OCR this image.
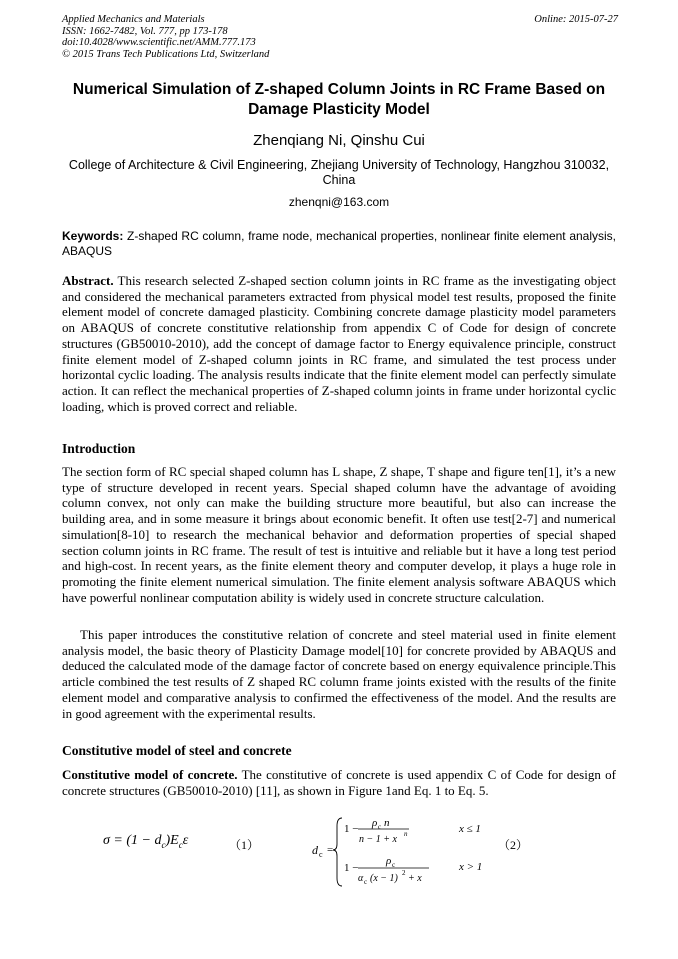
Applied Mechanics and Materials
ISSN: 1662-7482, Vol. 777, pp 173-178
doi:10.4028/www.scientific.net/AMM.777.173
© 2015 Trans Tech Publications Ltd, Switzerland
Online: 2015-07-27
Numerical Simulation of Z-shaped Column Joints in RC Frame Based on Damage Plasticity Model
Zhenqiang Ni, Qinshu Cui
College of Architecture & Civil Engineering, Zhejiang University of Technology, Hangzhou 310032, China
zhenqni@163.com
Keywords: Z-shaped RC column, frame node, mechanical properties, nonlinear finite element analysis, ABAQUS
Abstract. This research selected Z-shaped section column joints in RC frame as the investigating object and considered the mechanical parameters extracted from physical model test results, proposed the finite element model of concrete damaged plasticity. Combining concrete damage plasticity model parameters on ABAQUS of concrete constitutive relationship from appendix C of Code for design of concrete structures (GB50010-2010), add the concept of damage factor to Energy equivalence principle, construct finite element model of Z-shaped column joints in RC frame, and simulated the test process under horizontal cyclic loading. The analysis results indicate that the finite element model can perfectly simulate action. It can reflect the mechanical properties of Z-shaped column joints in frame under horizontal cyclic loading, which is proved correct and reliable.
Introduction
The section form of RC special shaped column has L shape, Z shape, T shape and figure ten[1], it’s a new type of structure developed in recent years. Special shaped column have the advantage of avoiding column convex, not only can make the building structure more beautiful, but also can increase the building area, and in some measure it brings about economic benefit. It often use test[2-7] and numerical simulation[8-10] to research the mechanical behavior and deformation properties of special shaped section column joints in RC frame. The result of test is intuitive and reliable but it have a long test period and high-cost. In recent years, as the finite element theory and computer develop, it plays a huge role in promoting the finite element numerical simulation. The finite element analysis software ABAQUS which have powerful nonlinear computation ability is widely used in concrete structure calculation.
This paper introduces the constitutive relation of concrete and steel material used in finite element analysis model, the basic theory of Plasticity Damage model[10] for concrete provided by ABAQUS and deduced the calculated mode of the damage factor of concrete based on energy equivalence principle.This article combined the test results of Z shaped RC column frame joints existed with the results of the finite element model and comparative analysis to confirmed the effectiveness of the model. And the results are in good agreement with the experimental results.
Constitutive model of steel and concrete
Constitutive model of concrete. The constitutive of concrete is used appendix C of Code for design of concrete structures (GB50010-2010) [11], as shown in Figure 1and Eq. 1 to Eq. 5.
$\sigma = (1 - d_c)E_c\varepsilon$	（1）	d c =
1 − ρ c n
n − 1 + x n	x ≤ 1
1 −
ρ c
α c (x − 1) 2 + x
x > 1
（2）
